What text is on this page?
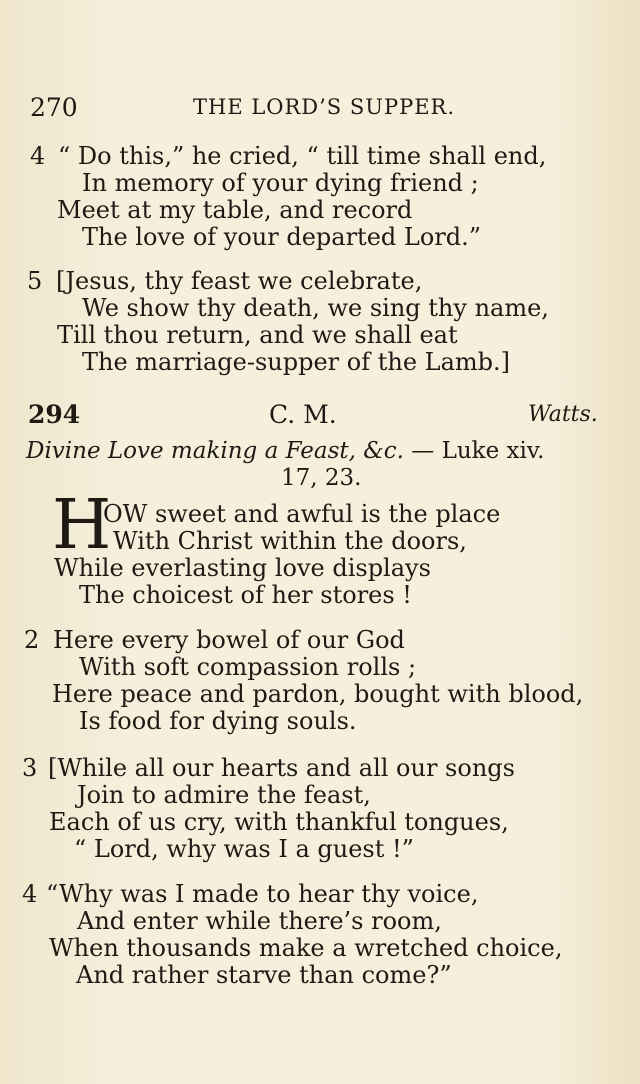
270	THE LORD’S SUPPER.
4 “ Do this,” he cried, “ till time shall end,
In memory of your dying friend ;
Meet at my table, and record
The love of your departed Lord.”
5 [Jesus, thy feast we celebrate,
We show thy death, we sing thy name,
Till thou return, and we shall eat
The marriage-supper of the Lamb.]
294	C. M.	Watts.
Divine Love making a Feast, &c. — Luke xiv.
17, 23.
H
OW sweet and awful is the place
With Christ within the doors,
While everlasting love displays
The choicest of her stores !
2 Here every bowel of our God
With soft compassion rolls ;
Here peace and pardon, bought with blood,
Is food for dying souls.
3 [While all our hearts and all our songs
Join to admire the feast,
Each of us cry, with thankful tongues,
“ Lord, why was I a guest !”
4 “Why was I made to hear thy voice,
And enter while there’s room,
When thousands make a wretched choice,
And rather starve than come?”
